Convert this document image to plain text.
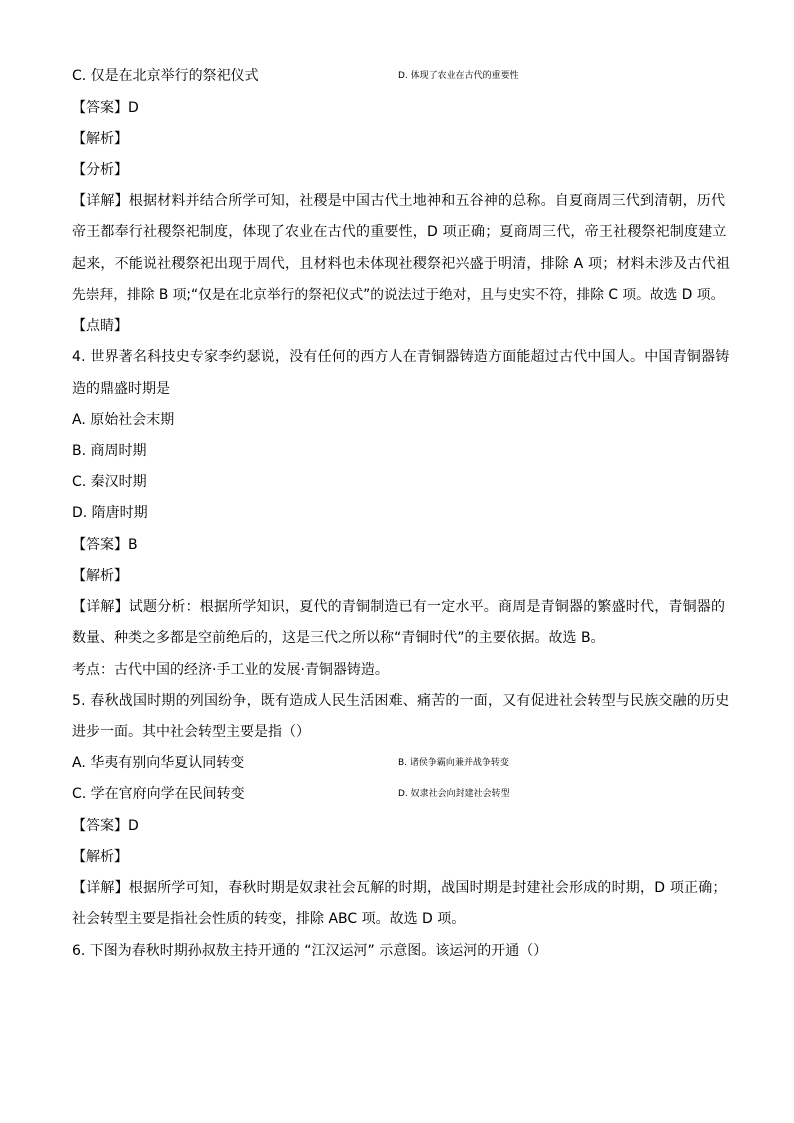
C. 仅是在北京举行的祭祀仪式	D. 体现了农业在古代的重要性
【答案】D
【解析】
【分析】
【详解】根据材料并结合所学可知，社稷是中国古代土地神和五谷神的总称。自夏商周三代到清朝，历代
帝王都奉行社稷祭祀制度，体现了农业在古代的重要性，D 项正确；夏商周三代，帝王社稷祭祀制度建立
起来，不能说社稷祭祀出现于周代，且材料也未体现社稷祭祀兴盛于明清，排除 A 项；材料未涉及古代祖
先崇拜，排除 B 项;“仅是在北京举行的祭祀仪式”的说法过于绝对，且与史实不符，排除 C 项。故选 D 项。
【点睛】
4. 世界著名科技史专家李约瑟说，没有任何的西方人在青铜器铸造方面能超过古代中国人。中国青铜器铸
造的鼎盛时期是
A. 原始社会末期
B. 商周时期
C. 秦汉时期
D. 隋唐时期
【答案】B
【解析】
【详解】试题分析：根据所学知识，夏代的青铜制造已有一定水平。商周是青铜器的繁盛时代，青铜器的
数量、种类之多都是空前绝后的，这是三代之所以称“青铜时代”的主要依据。故选 B。
考点：古代中国的经济·手工业的发展·青铜器铸造。
5. 春秋战国时期的列国纷争，既有造成人民生活困难、痛苦的一面，又有促进社会转型与民族交融的历史
进步一面。其中社会转型主要是指（）
A. 华夷有别向华夏认同转变	B. 诸侯争霸向兼并战争转变
C. 学在官府向学在民间转变	D. 奴隶社会向封建社会转型
【答案】D
【解析】
【详解】根据所学可知，春秋时期是奴隶社会瓦解的时期，战国时期是封建社会形成的时期，D 项正确；
社会转型主要是指社会性质的转变，排除 ABC 项。故选 D 项。
6. 下图为春秋时期孙叔敖主持开通的 “江汉运河” 示意图。该运河的开通（）
